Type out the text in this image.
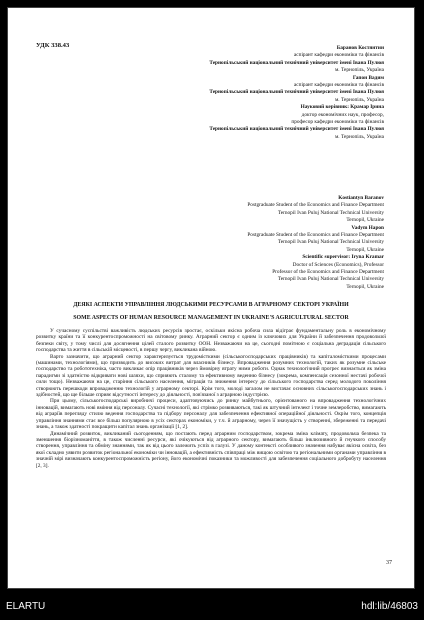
УДК 338.43	Баранов Костянтин
аспірант кафедри економіки та фінансів
Тернопільський національний технічний університет імені Івана Пулюя
м. Тернопіль, Україна
Гапон Вадим
аспірант кафедри економіки та фінансів
Тернопільський національний технічний університет імені Івана Пулюя
м. Тернопіль, Україна
Науковий керівник: Крамар Ірина
доктор економічних наук, професор,
професор кафедри економіки та фінансів
Тернопільський національний технічний університет імені Івана Пулюя
м. Тернопіль, Україна
Kostiantyn Baranov
Postgraduate Student of the Economics and Finance Department
Ternopil Ivan Puluj National Technical University
Ternopil, Ukraine
Vadym Hapon
Postgraduate Student of the Economics and Finance Department
Ternopil Ivan Puluj National Technical University
Ternopil, Ukraine
Scientific supervisor: Iryna Kramar
Doctor of Sciences (Economics), Professor
Professor of the Economics and Finance Department
Ternopil Ivan Puluj National Technical University
Ternopil, Ukraine
ДЕЯКІ АСПЕКТИ УПРАВЛІННЯ ЛЮДСЬКИМИ РЕСУРСАМИ В АГРАРНОМУ СЕКТОРІ УКРАЇНИ
SOME ASPECTS OF HUMAN RESOURCE MANAGEMENT IN UKRAINE'S AGRICULTURAL SECTOR

У сучасному суспільстві важливість людських ресурсів зростає, оскільки якісна робоча сила відіграє фундаментальну роль в економічному розвитку країни та її конкурентоспроможності на світовому ринку. Аграрний сектор є одним із ключових для України й забезпечення продовольчої безпеки світу, у тому числі для досягнення цілей сталого розвитку ООН. Незважаючи на це, сьогодні помітною є соціальна деградація сільського господарства та життя в сільській місцевості, в першу чергу, викликана війною.

Варто зазначити, що аграрний сектор характеризується трудомісткими (сільськогосподарських працівників) та капіталомісткими процесами (машинами, технологіями), що призводить до високих витрат для власників бізнесу. Впровадження розумних технологій, таких як розумне сільське господарство та робототехніка, часто викликає опір працівників через ймовірну втрату ними роботи. Однак технологічний прогрес визнається як зміна парадигми зі здатністю відкривати нові шляхи, що сприяють сталому та ефективному веденню бізнесу (зокрема, компенсація сезонної нестачі робочої сили тощо). Незважаючи на це, старіння сільського населення, міграція та зниження інтересу до сільського господарства серед молодого покоління створюють перешкоди впровадженню технологій у аграрному секторі. Крім того, молоді загалом не вистачає основних сільськогосподарських знань і здібностей, що ще більше сприяє відсутності інтересу до діяльності, пов'язаної з аграрною індустрією.

При цьому, сільськогосподарські виробничі процеси, адаптовуючись до ринку майбутнього, орієнтованого на впровадження технологічних інновацій, вимагають нові вміння від персоналу. Сучасні технології, які стрімко розвиваються, такі як штучний інтелект і точне землеробство, вимагають від аграріїв перегляду стилю ведення господарства та підбору персоналу для забезпечення ефективної операційної діяльності. Окрім того, концепція управління знаннями стає все більш популярною в усіх секторах економіки, у т.ч. й аграрному, через її значущість у створенні, збереженні та передачі знань, а також здатності покращити капітал знань організації [1, 2].

Динамічний розвиток, викликаний сьогоденням, що постають перед аграрним господарством, зокрема зміна клімату, продовольча безпека та зменшення біорізноманіття, в також численні ресурси, які очікуються від аграрного сектору, вимагають більш інклюзивного й гнучкого способу створення, управління та обміну знаннями, так як від цього залежить успіх в галузі. У даному контексті особливого значення набуває якісна освіта, без якої складно уявити розвиток регіональної економіки чи інновацій, а ефективність співпраці між вищою освітою та регіональними органами управління в значній мірі визначають конкурентоспроможність регіону, його економічні показники та можливості для забезпечення соціального добробуту населення [2, 3].

37
ELARTU	hdl:lib/46803
